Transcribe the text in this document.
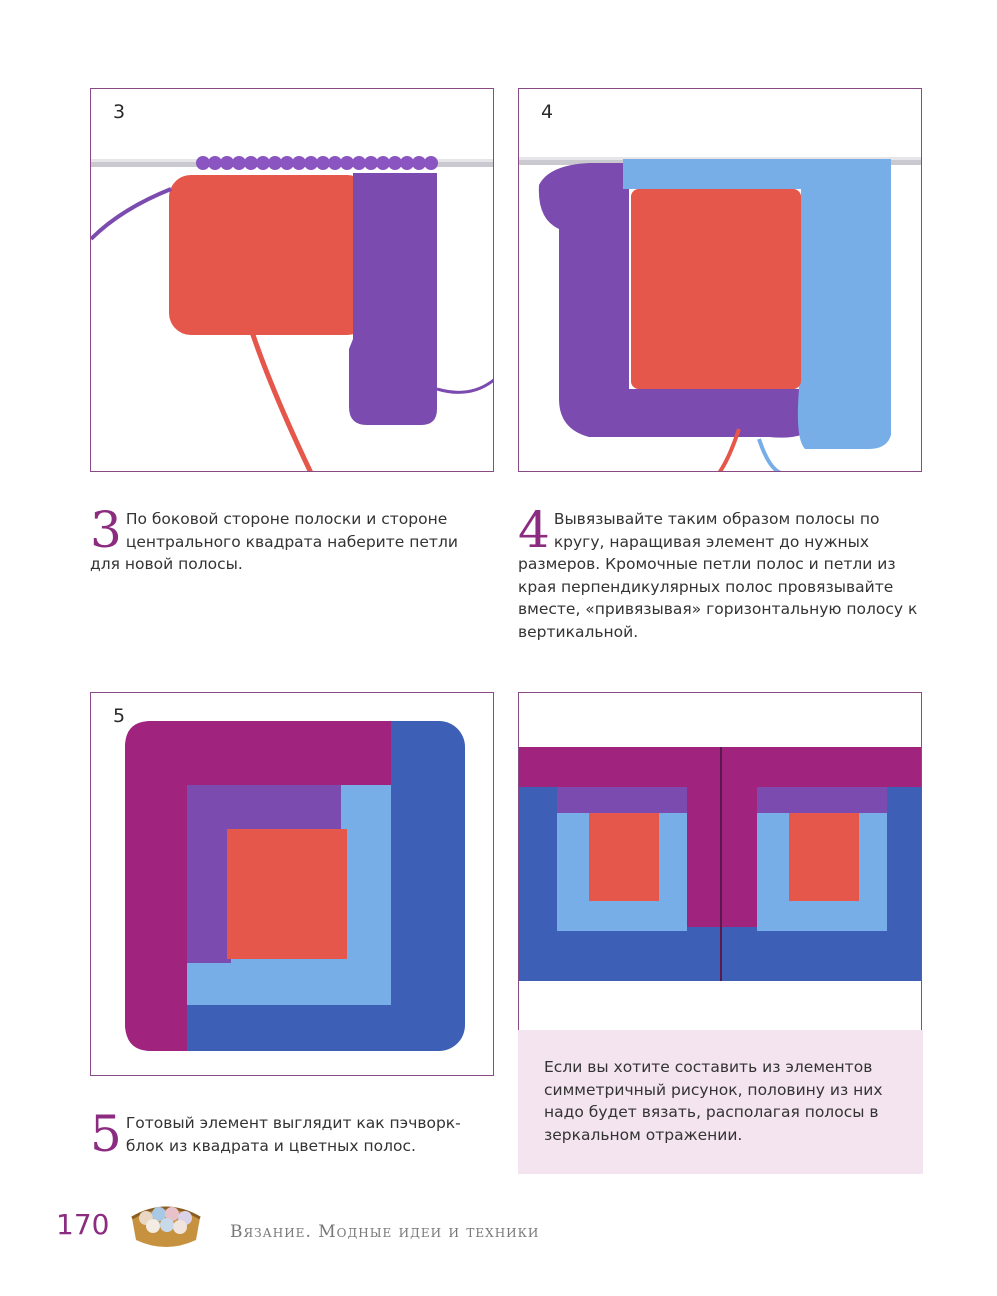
3	4
3 По боковой стороне полоски и стороне центрального квадрата наберите петли для новой полосы.
4 Вывязывайте таким образом полосы по кругу, наращивая элемент до нужных размеров. Кромочные петли полос и петли из края перпендикулярных полос провязывайте вместе, «привязывая» горизонтальную полосу к вертикальной.
5
5 Готовый элемент выглядит как пэчворк-блок из квадрата и цветных полос.
Если вы хотите составить из элементов симметричный рисунок, половину из них надо будет вязать, располагая полосы в зеркальном отражении.
170	Вязание. Модные идеи и техники
